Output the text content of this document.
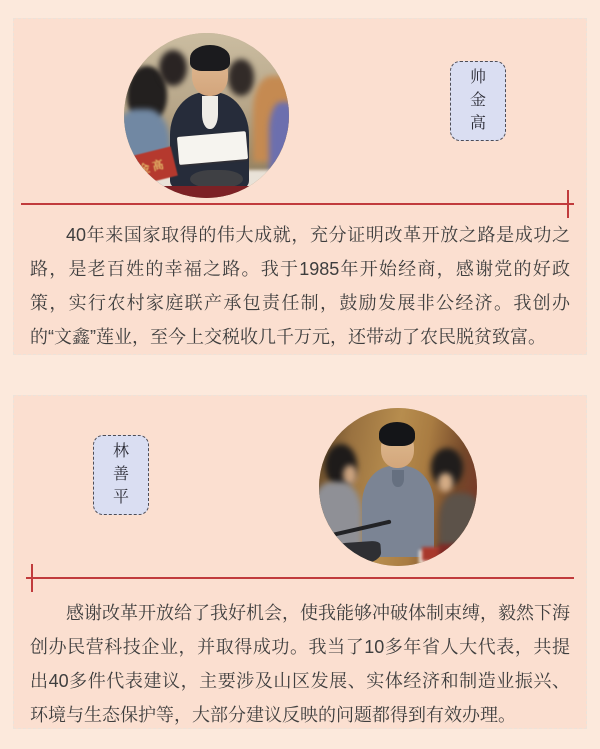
帅金高
帅
金
高

40年来国家取得的伟大成就，充分证明改革开放之路是成功之路，是老百姓的幸福之路。我于1985年开始经商，感谢党的好政策，实行农村家庭联产承包责任制，鼓励发展非公经济。我创办的“文鑫”莲业，至今上交税收几千万元，还带动了农民脱贫致富。

林
善
平

感谢改革开放给了我好机会，使我能够冲破体制束缚，毅然下海创办民营科技企业，并取得成功。我当了10多年省人大代表，共提出40多件代表建议，主要涉及山区发展、实体经济和制造业振兴、环境与生态保护等，大部分建议反映的问题都得到有效办理。
